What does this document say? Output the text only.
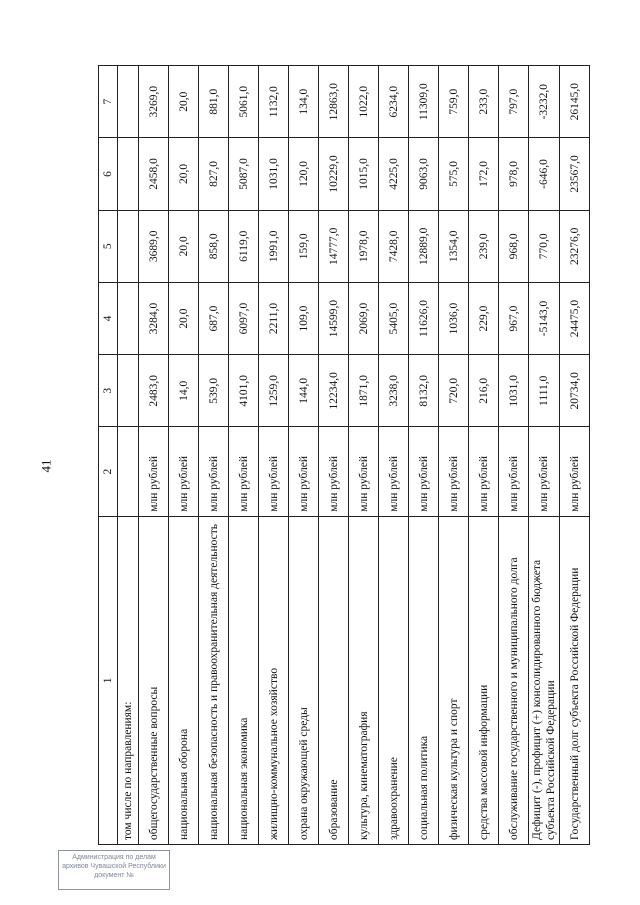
41
1	2	3	4	5	6	7
том числе по направлениям:						
общегосударственные вопросы	млн рублей	2483,0	3284,0	3689,0	2458,0	3269,0
национальная оборона	млн рублей	14,0	20,0	20,0	20,0	20,0
национальная безопасность и правоохранительная деятельность	млн рублей	539,0	687,0	858,0	827,0	881,0
национальная экономика	млн рублей	4101,0	6097,0	6119,0	5087,0	5061,0
жилищно-коммунальное хозяйство	млн рублей	1259,0	2211,0	1991,0	1031,0	1132,0
охрана окружающей среды	млн рублей	144,0	109,0	159,0	120,0	134,0
образование	млн рублей	12234,0	14599,0	14777,0	10229,0	12863,0
культура, кинематография	млн рублей	1871,0	2069,0	1978,0	1015,0	1022,0
здравоохранение	млн рублей	3238,0	5405,0	7428,0	4225,0	6234,0
социальная политика	млн рублей	8132,0	11626,0	12889,0	9063,0	11309,0
физическая культура и спорт	млн рублей	720,0	1036,0	1354,0	575,0	759,0
средства массовой информации	млн рублей	216,0	229,0	239,0	172,0	233,0
обслуживание государственного и муниципального долга	млн рублей	1031,0	967,0	968,0	978,0	797,0
Дефицит (-), профицит (+) консолидированного бюджета субъекта Российской Федерации	млн рублей	1111,0	-5143,0	770,0	-646,0	-3232,0
Государственный долг субъекта Российской Федерации	млн рублей	20734,0	24475,0	23276,0	23567,0	26145,0
Администрация по делам
архивов Чувашской Республики
документ №
